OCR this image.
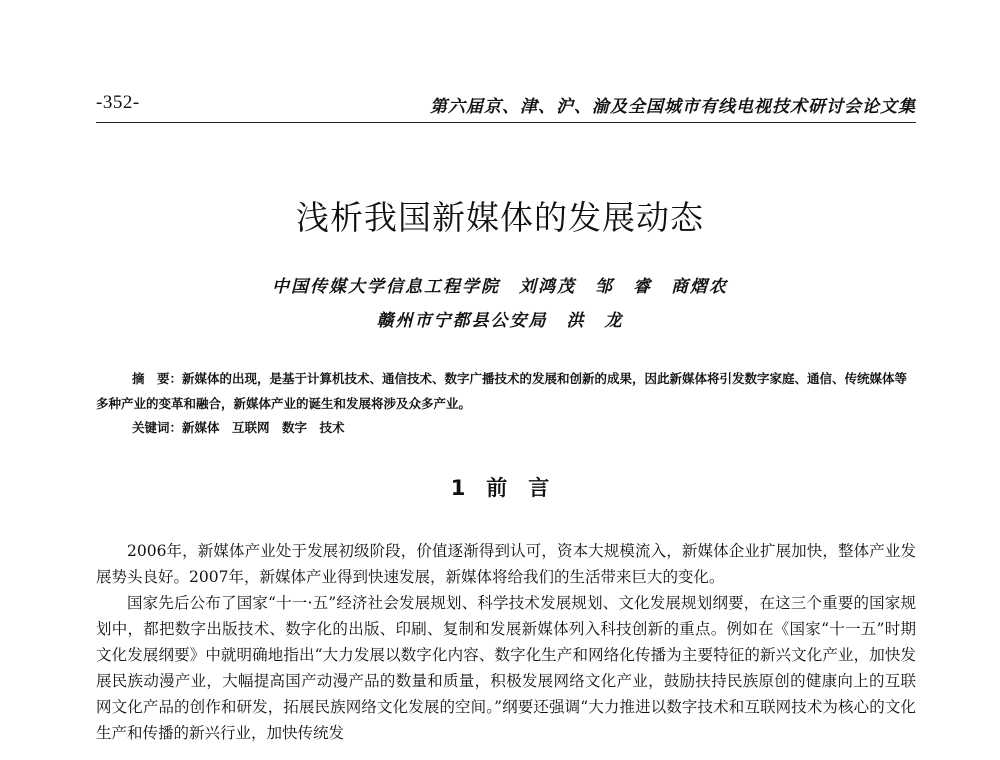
-352-	第六届京、津、沪、渝及全国城市有线电视技术研讨会论文集
浅析我国新媒体的发展动态
中国传媒大学信息工程学院　刘鸿茂　邹　睿　商熠农
赣州市宁都县公安局　洪　龙
摘　要：新媒体的出现，是基于计算机技术、通信技术、数字广播技术的发展和创新的成果，因此新媒体将引发数字家庭、通信、传统媒体等多种产业的变革和融合，新媒体产业的诞生和发展将涉及众多产业。
关键词：新媒体　互联网　数字　技术
1　前　言

2006年，新媒体产业处于发展初级阶段，价值逐渐得到认可，资本大规模流入，新媒体企业扩展加快，整体产业发展势头良好。2007年，新媒体产业得到快速发展，新媒体将给我们的生活带来巨大的变化。

国家先后公布了国家“十一·五”经济社会发展规划、科学技术发展规划、文化发展规划纲要，在这三个重要的国家规划中，都把数字出版技术、数字化的出版、印刷、复制和发展新媒体列入科技创新的重点。例如在《国家“十一五”时期文化发展纲要》中就明确地指出“大力发展以数字化内容、数字化生产和网络化传播为主要特征的新兴文化产业，加快发展民族动漫产业，大幅提高国产动漫产品的数量和质量，积极发展网络文化产业，鼓励扶持民族原创的健康向上的互联网文化产品的创作和研发，拓展民族网络文化发展的空间。”纲要还强调“大力推进以数字技术和互联网技术为核心的文化生产和传播的新兴行业，加快传统发
